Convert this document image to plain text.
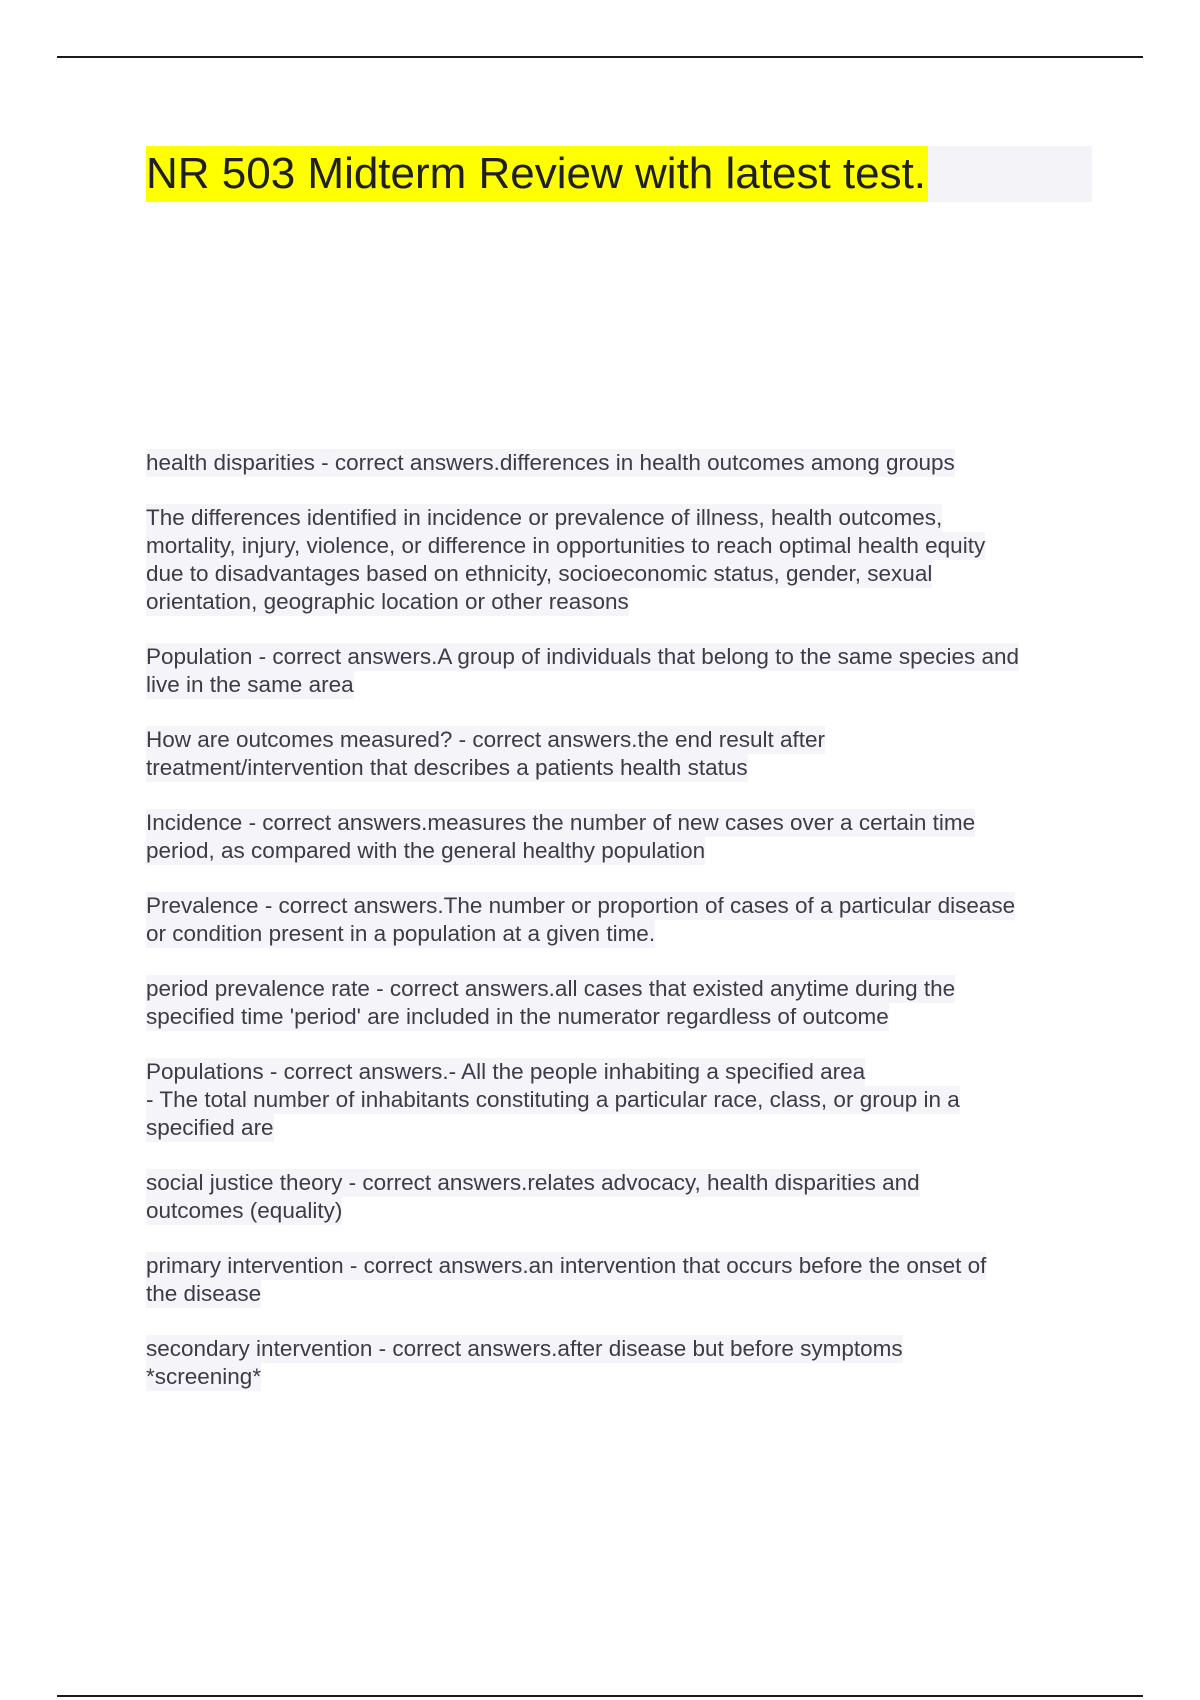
NR 503 Midterm Review with latest test.
health disparities - correct answers.differences in health outcomes among groups
The differences identified in incidence or prevalence of illness, health outcomes,
mortality, injury, violence, or difference in opportunities to reach optimal health equity
due to disadvantages based on ethnicity, socioeconomic status, gender, sexual
orientation, geographic location or other reasons
Population - correct answers.A group of individuals that belong to the same species and
live in the same area
How are outcomes measured? - correct answers.the end result after
treatment/intervention that describes a patients health status
Incidence - correct answers.measures the number of new cases over a certain time
period, as compared with the general healthy population
Prevalence - correct answers.The number or proportion of cases of a particular disease
or condition present in a population at a given time.
period prevalence rate - correct answers.all cases that existed anytime during the
specified time 'period' are included in the numerator regardless of outcome
Populations - correct answers.- All the people inhabiting a specified area
- The total number of inhabitants constituting a particular race, class, or group in a
specified are
social justice theory - correct answers.relates advocacy, health disparities and
outcomes (equality)
primary intervention - correct answers.an intervention that occurs before the onset of
the disease
secondary intervention - correct answers.after disease but before symptoms
*screening*
